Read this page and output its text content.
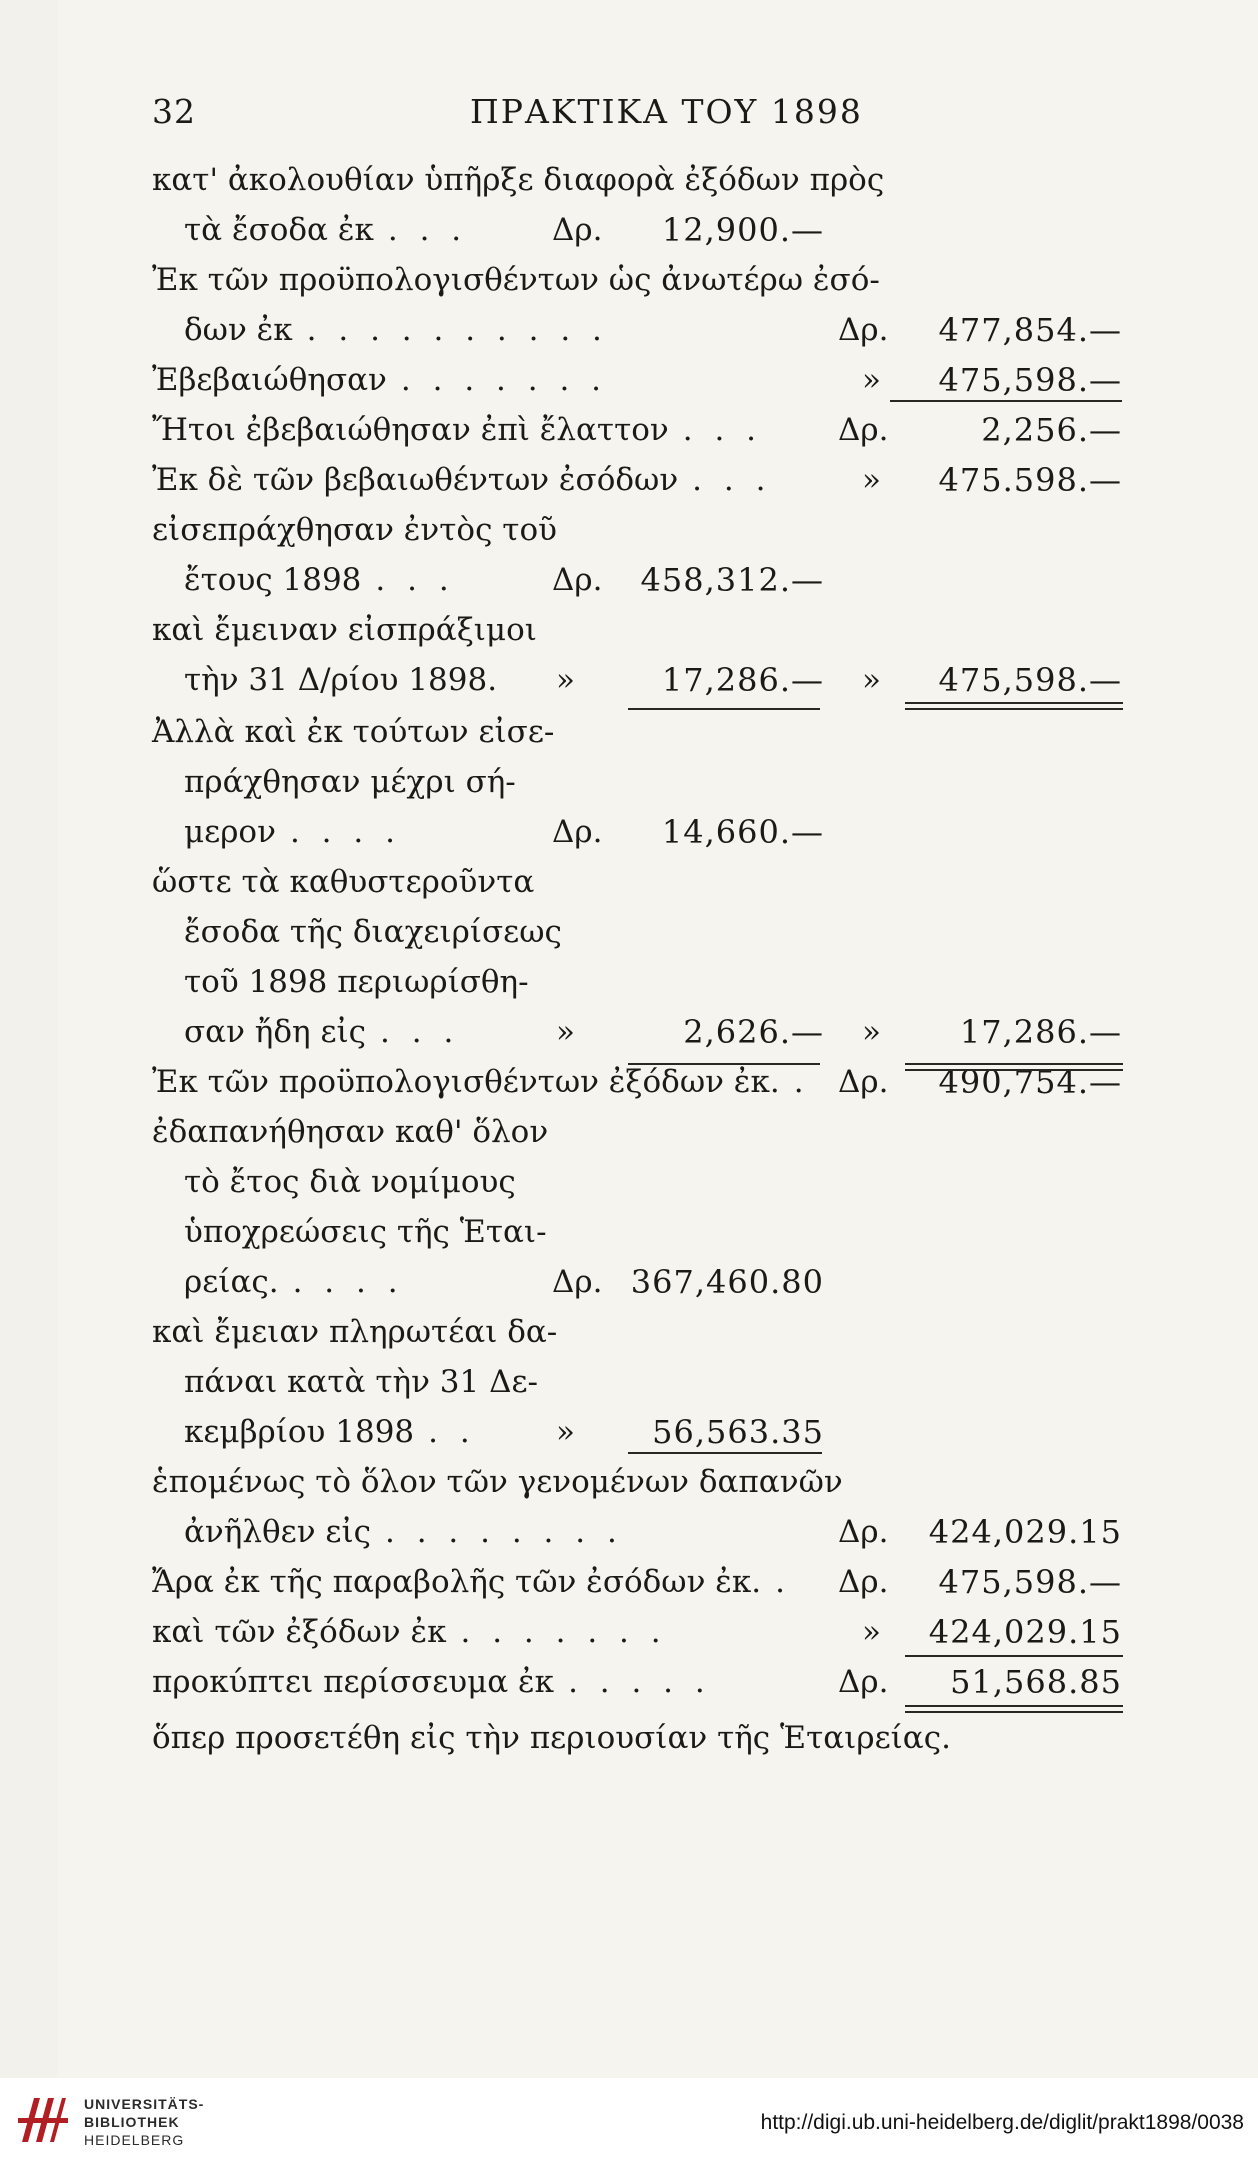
32	ΠΡΑΚΤΙΚΑ ΤΟΥ 1898
κατ' ἀκολουθίαν ὑπῆρξε διαφορὰ ἐξόδων πρὸς
τὰ ἔσοδα ἐκ . . .	Δρ.	12,900.—
Ἐκ τῶν προϋπολογισθέντων ὡς ἀνωτέρω ἐσό-
δων ἐκ . . . . . . . . . .	Δρ.	477,854.—
Ἐβεβαιώθησαν . . . . . . .	»	475,598.—
Ἤτοι ἐβεβαιώθησαν ἐπὶ ἔλαττον . . . Δρ.	2,256.—
Ἐκ δὲ τῶν βεβαιωθέντων ἐσόδων . . .	»	475.598.—
εἰσεπράχθησαν ἐντὸς τοῦ
ἔτους 1898 . . .	Δρ.	458,312.—
καὶ ἔμειναν εἰσπράξιμοι
τὴν 31 Δ/ρίου 1898. »	17,286.— »	475,598.—
Ἀλλὰ καὶ ἐκ τούτων εἰσε-
πράχθησαν μέχρι σή-
μερον . . . .	Δρ.	14,660.—
ὥστε τὰ καθυστεροῦντα
ἔσοδα τῆς διαχειρίσεως
τοῦ 1898 περιωρίσθη-
σαν ἤδη εἰς . . .	»	2,626.— »	17,286.—
Ἐκ τῶν προϋπολογισθέντων ἐξόδων ἐκ. . Δρ.	490,754.—
ἐδαπανήθησαν καθ' ὅλον
τὸ ἔτος διὰ νομίμους
ὑποχρεώσεις τῆς Ἑται-
ρείας. . . . .	Δρ. 367,460.80
καὶ ἔμειαν πληρωτέαι δα-
πάναι κατὰ τὴν 31 Δε-
κεμβρίου 1898 . .	»	56,563.35
ἑπομένως τὸ ὅλον τῶν γενομένων δαπανῶν
ἀνῆλθεν εἰς . . . . . . . .	Δρ.	424,029.15
Ἄρα ἐκ τῆς παραβολῆς τῶν ἐσόδων ἐκ. . Δρ.	475,598.—
καὶ τῶν ἐξόδων ἐκ . . . . . . .	»	424,029.15
προκύπτει περίσσευμα ἐκ . . . . .	Δρ.	51,568.85
ὅπερ προσετέθη εἰς τὴν περιουσίαν τῆς Ἑταιρείας.
UNIVERSITÄTS-
BIBLIOTHEK
HEIDELBERG
http://digi.ub.uni-heidelberg.de/diglit/prakt1898/0038
